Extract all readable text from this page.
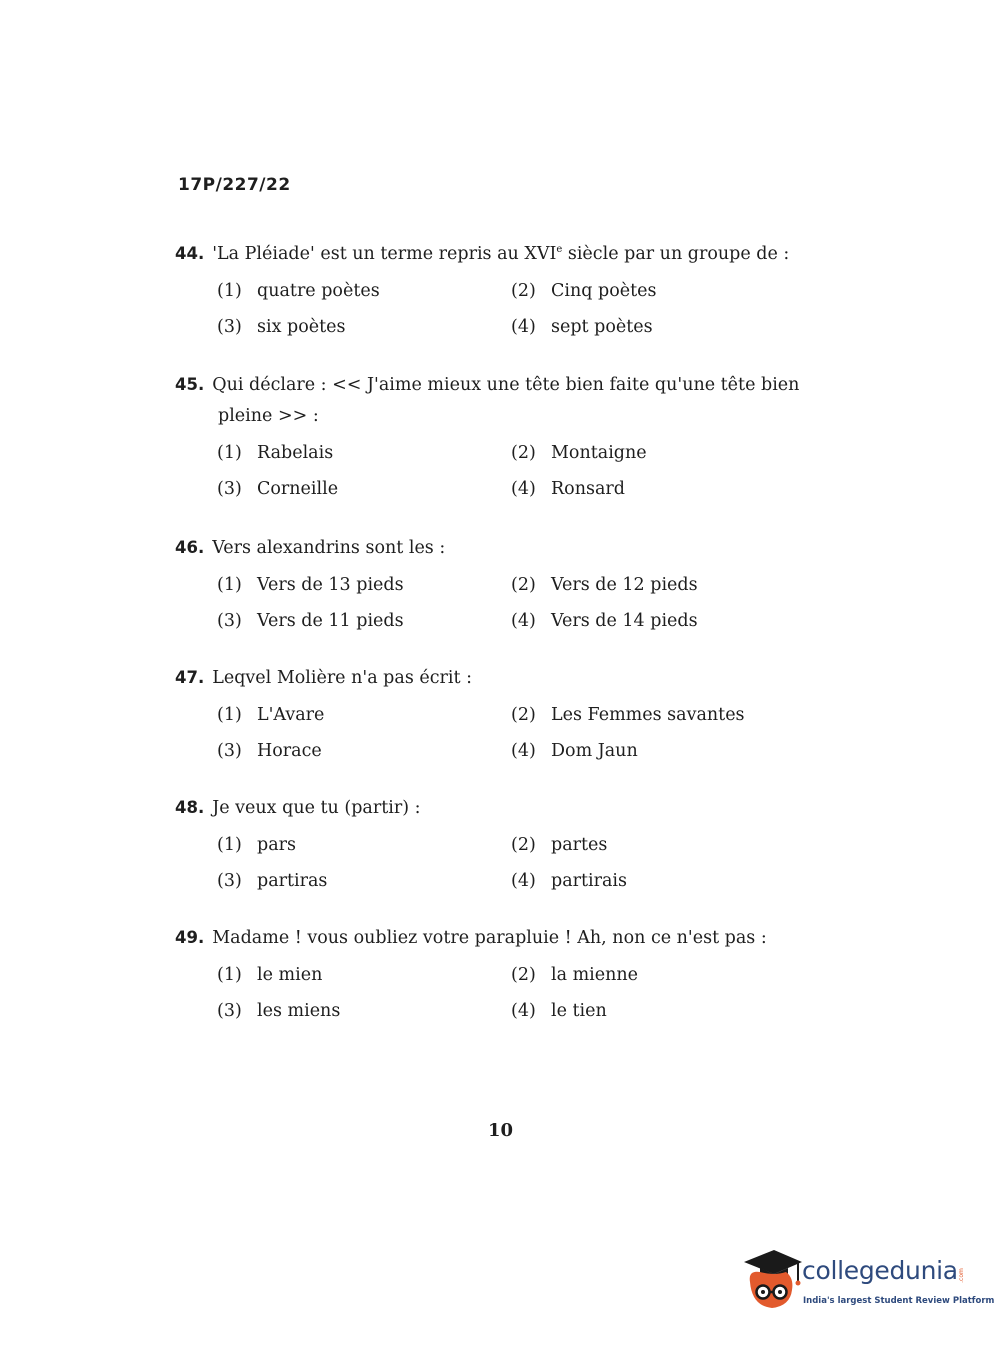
17P/227/22
44. 'La Pléiade' est un terme repris au XVIe siècle par un groupe de :
(1) quatre poètes	(2) Cinq poètes
(3) six poètes	(4) sept poètes
45. Qui déclare : << J'aime mieux une tête bien faite qu'une tête bien
pleine >> :
(1) Rabelais	(2) Montaigne
(3) Corneille	(4) Ronsard
46. Vers alexandrins sont les :
(1) Vers de 13 pieds	(2) Vers de 12 pieds
(3) Vers de 11 pieds	(4) Vers de 14 pieds
47. Leqvel Molière n'a pas écrit :
(1) L'Avare	(2) Les Femmes savantes
(3) Horace	(4) Dom Jaun
48. Je veux que tu (partir) :
(1) pars	(2) partes
(3) partiras	(4) partirais
49. Madame ! vous oubliez votre parapluie ! Ah, non ce n'est pas :
(1) le mien	(2) la mienne
(3) les miens	(4) le tien
10
collegedunia .com
India's largest Student Review Platform
